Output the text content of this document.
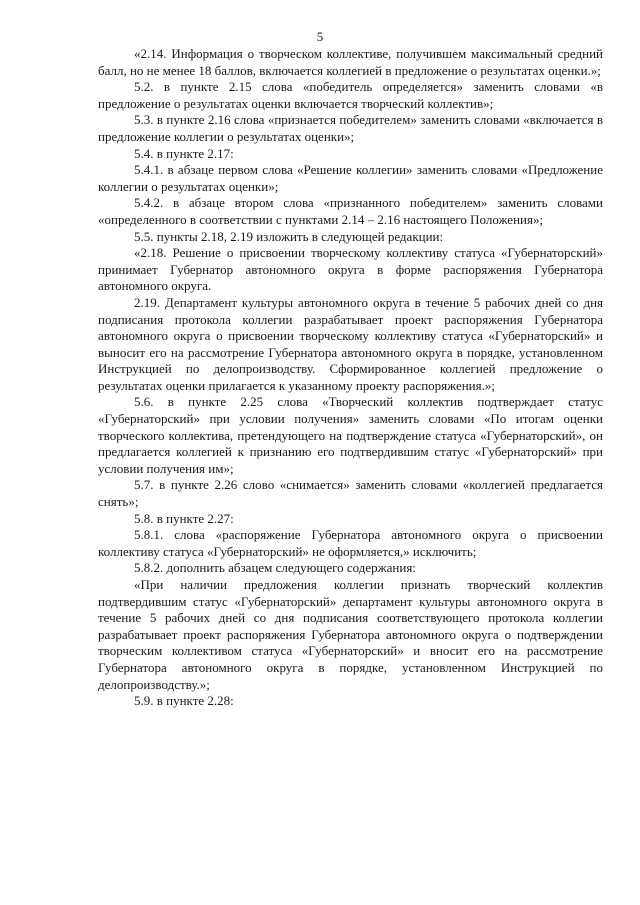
5

«2.14. Информация о творческом коллективе, получившем максимальный средний балл, но не менее 18 баллов, включается коллегией в предложение о результатах оценки.»;

5.2. в пункте 2.15 слова «победитель определяется» заменить словами «в предложение о результатах оценки включается творческий коллектив»;

5.3. в пункте 2.16 слова «признается победителем» заменить словами «включается в предложение коллегии о результатах оценки»;

5.4. в пункте 2.17:

5.4.1. в абзаце первом слова «Решение коллегии» заменить словами «Предложение коллегии о результатах оценки»;

5.4.2. в абзаце втором слова «признанного победителем» заменить словами «определенного в соответствии с пунктами 2.14 – 2.16 настоящего Положения»;

5.5. пункты 2.18, 2.19 изложить в следующей редакции:

«2.18. Решение о присвоении творческому коллективу статуса «Губернаторский» принимает Губернатор автономного округа в форме распоряжения Губернатора автономного округа.

2.19. Департамент культуры автономного округа в течение 5 рабочих дней со дня подписания протокола коллегии разрабатывает проект распоряжения Губернатора автономного округа о присвоении творческому коллективу статуса «Губернаторский» и выносит его на рассмотрение Губернатора автономного округа в порядке, установленном Инструкцией по делопроизводству. Сформированное коллегией предложение о результатах оценки прилагается к указанному проекту распоряжения.»;

5.6. в пункте 2.25 слова «Творческий коллектив подтверждает статус «Губернаторский» при условии получения» заменить словами «По итогам оценки творческого коллектива, претендующего на подтверждение статуса «Губернаторский», он предлагается коллегией к признанию его подтвердившим статус «Губернаторский» при условии получения им»;

5.7. в пункте 2.26 слово «снимается» заменить словами «коллегией предлагается снять»;

5.8. в пункте 2.27:

5.8.1. слова «распоряжение Губернатора автономного округа о присвоении коллективу статуса «Губернаторский» не оформляется,» исключить;

5.8.2. дополнить абзацем следующего содержания:

«При наличии предложения коллегии признать творческий коллектив подтвердившим статус «Губернаторский» департамент культуры автономного округа в течение 5 рабочих дней со дня подписания соответствующего протокола коллегии разрабатывает проект распоряжения Губернатора автономного округа о подтверждении творческим коллективом статуса «Губернаторский» и вносит его на рассмотрение Губернатора автономного округа в порядке, установленном Инструкцией по делопроизводству.»;

5.9. в пункте 2.28:
